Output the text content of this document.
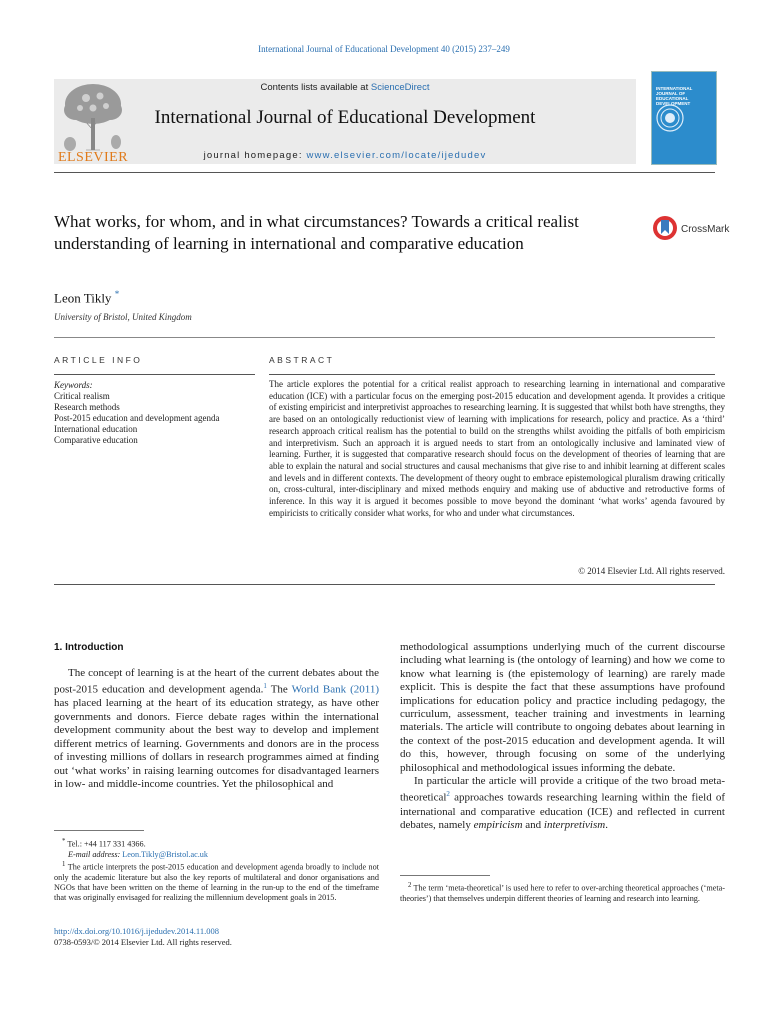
International Journal of Educational Development 40 (2015) 237–249
Contents lists available at ScienceDirect
International Journal of Educational Development
journal homepage: www.elsevier.com/locate/ijedudev
ELSEVIER
INTERNATIONAL JOURNAL OF EDUCATIONAL DEVELOPMENT
What works, for whom, and in what circumstances? Towards a critical realist understanding of learning in international and comparative education
CrossMark
Leon Tikly *
University of Bristol, United Kingdom
ARTICLE INFO	ABSTRACT
Keywords:
Critical realism
Research methods
Post-2015 education and development agenda
International education
Comparative education
The article explores the potential for a critical realist approach to researching learning in international and comparative education (ICE) with a particular focus on the emerging post-2015 education and development agenda. It provides a critique of existing empiricist and interpretivist approaches to researching learning. It is suggested that whilst both have strengths, they are based on an ontologically reductionist view of learning with implications for research, policy and practice. As a ‘third’ research approach critical realism has the potential to build on the strengths whilst avoiding the pitfalls of both empiricism and interpretivism. Such an approach it is argued needs to start from an ontologically inclusive and laminated view of learning. Further, it is suggested that comparative research should focus on the development of theories of learning that are able to explain the natural and social structures and causal mechanisms that give rise to and inhibit learning at different scales and levels and in different contexts. The development of theory ought to embrace epistemological pluralism drawing critically on, cross-cultural, inter-disciplinary and mixed methods enquiry and making use of abductive and retroductive forms of inference. In this way it is argued it becomes possible to move beyond the dominant ‘what works’ agenda favoured by empiricists to critically consider what works, for who and under what circumstances.
© 2014 Elsevier Ltd. All rights reserved.
1. Introduction

The concept of learning is at the heart of the current debates about the post-2015 education and development agenda.$^1$ The World Bank (2011) has placed learning at the heart of its education strategy, as have other governments and donors. Fierce debate rages within the international development community about the best way to develop and implement different metrics of learning. Governments and donors are in the process of investing millions of dollars in research programmes aimed at finding out ‘what works’ in raising learning outcomes for disadvantaged learners in low- and middle-income countries. Yet the philosophical and

methodological assumptions underlying much of the current discourse including what learning is (the ontology of learning) and how we come to know what learning is (the epistemology of learning) are rarely made explicit. This is despite the fact that these assumptions have profound implications for education policy and practice including pedagogy, the curriculum, assessment, teacher training and investments in learning materials. The article will contribute to ongoing debates about learning in the context of the post-2015 education and development agenda. It will do this, however, through focusing on some of the underlying philosophical and methodological issues informing the debate.

In particular the article will provide a critique of the two broad meta-theoretical$^2$ approaches towards researching learning within the field of international and comparative education (ICE) and reflected in current debates, namely empiricism and interpretivism.

* Tel.: +44 117 331 4366.

E-mail address: Leon.Tikly@Bristol.ac.uk

$^1$ The article interprets the post-2015 education and development agenda broadly to include not only the academic literature but also the key reports of multilateral and donor organisations and NGOs that have been written on the theme of learning in the run-up to the end of the timeframe that was originally envisaged for realizing the millennium development goals in 2015.

$^2$ The term ‘meta-theoretical’ is used here to refer to over-arching theoretical approaches (‘meta-theories’) that themselves underpin different theories of learning and research into learning.

http://dx.doi.org/10.1016/j.ijedudev.2014.11.008
0738-0593/© 2014 Elsevier Ltd. All rights reserved.
